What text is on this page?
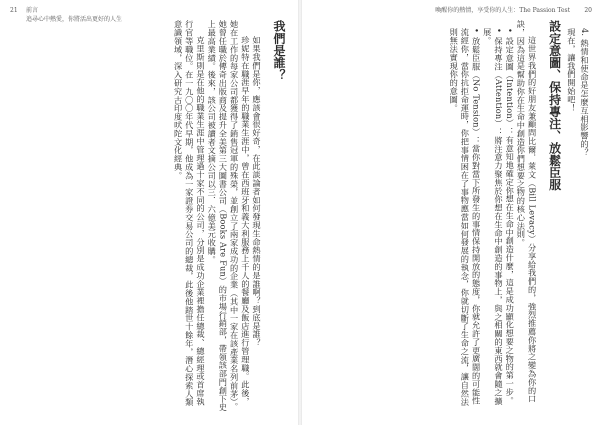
21 前言
追尋心中熱愛，你將活出更好的人生

我們是誰？

如果我們是你，應該會很好奇，在此談論者如何發現生命熱情的是誰啊？到底是誰？

珍妮特在職涯早年的職業生涯中，曾在西班牙和義大利服務上千人的餐廳及飯店進行管理職。此後，她在工作的每家公司都獲得了銷售冠軍的殊榮，並創立了兩家成功的企業（其中一家在該產業名列前茅）。她曾任職於傳奇出版商及提升全美第三大圖書公司（Books Are Fun）的市場行銷部，帶領該部門創下史上最高業績。後來，該公司被讀者文摘公司以三．六億美元收購。

克里斯則是在他的職業生涯中管理過十家不同的公司，分別是成功企業裡擔任總裁、總經理或首席執行官等職位。在一九〇〇年代早期，他成為一家證券交易公司的總裁，此後他踏世十餘年，潛心探索人類意識領域，深入研究古印度吠陀文化經典。

喚醒你的熱情，享受你的人生：The Passion Test 20

4. 熱情和使命是怎麼互相影響的？

現在，讓我們開始吧！

設定意圖、保持專注、放鬆臣服

這世界我們的好朋友兼顧問比爾．萊文（Bill Levacy）分享給我們的，強烈推薦你將之變為你的口訣，因為這是幫助你在生命中創造你們想要之物的核心法則。

•設定意圖（Intention）：有意知地確定你想在生命中創造什麼，這是成功顯化想要之物的第一步。

•保持專注（Attention）：將注意力聚焦於你想在生命中創造的事物上，與之相關的東西就會隨之擴展。

•放鬆臣服（No Tension）：當你對當下所發生的事情保持開放的態度，你就允許了更廣闊的可能性流經你，當你抗拒命運時，你把事情困在了事物應當如何發展的執念，你就切斷了生命之流，讓自然法則無法實現你的意圖。
